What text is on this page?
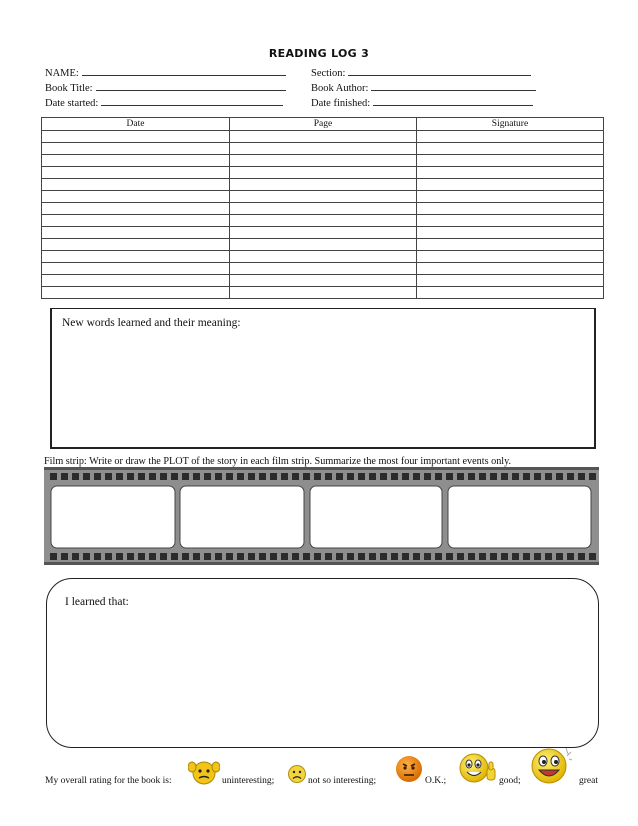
READING LOG 3
NAME:	Section:
Book Title:	Book Author:
Date started:	Date finished:
Date	Page	Signature

New words learned and their meaning:
Film strip: Write or draw the PLOT of the story in each film strip. Summarize the most four important events only.
I learned that:
My overall rating for the book is:	uninteresting;	not so interesting;	O.K.;	good;	great
